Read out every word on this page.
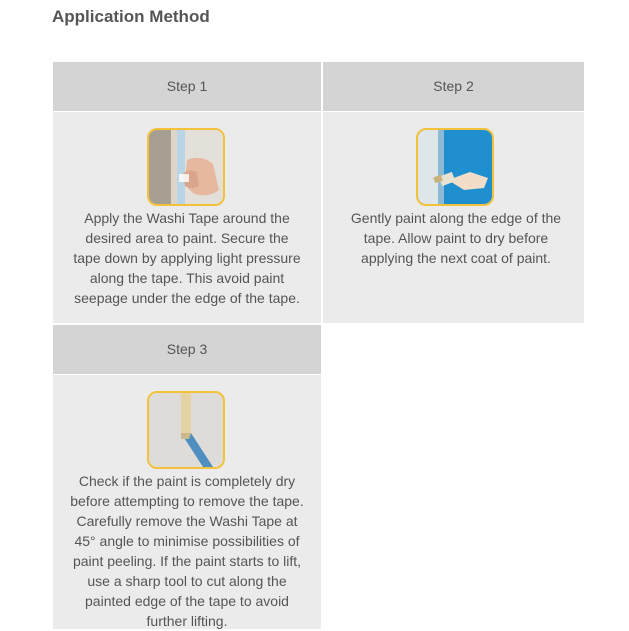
Application Method
Step 1
Apply the Washi Tape around the desired area to paint. Secure the tape down by applying light pressure along the tape. This avoid paint seepage under the edge of the tape.
Step 2
Gently paint along the edge of the tape. Allow paint to dry before applying the next coat of paint.
Step 3
Check if the paint is completely dry before attempting to remove the tape. Carefully remove the Washi Tape at 45° angle to minimise possibilities of paint peeling. If the paint starts to lift, use a sharp tool to cut along the painted edge of the tape to avoid further lifting.
